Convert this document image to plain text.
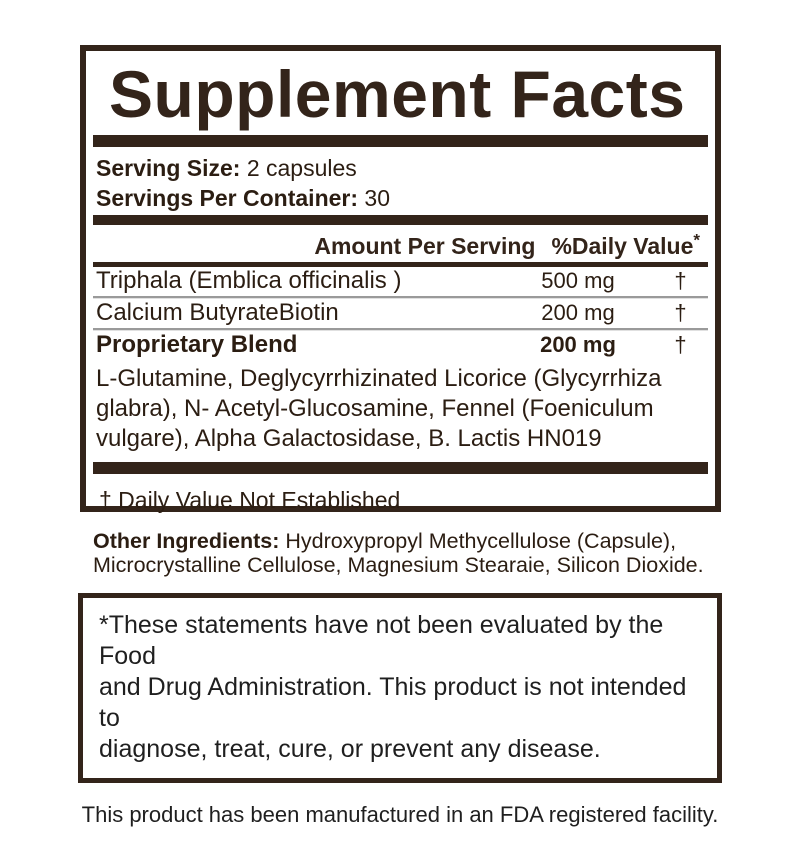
Supplement Facts
Serving Size: 2 capsules
Servings Per Container: 30
Amount Per Serving %Daily Value*
Triphala (Emblica officinalis )	500 mg	†
Calcium ButyrateBiotin	200 mg	†
Proprietary Blend	200 mg	†
L-Glutamine, Deglycyrrhizinated Licorice (Glycyrrhiza
glabra), N- Acetyl-Glucosamine, Fennel (Foeniculum
vulgare), Alpha Galactosidase, B. Lactis HN019
† Daily Value Not Established
Other Ingredients: Hydroxypropyl Methycellulose (Capsule),
Microcrystalline Cellulose, Magnesium Stearaie, Silicon Dioxide.
*These statements have not been evaluated by the Food
and Drug Administration. This product is not intended to
diagnose, treat, cure, or prevent any disease.
This product has been manufactured in an FDA registered facility.
